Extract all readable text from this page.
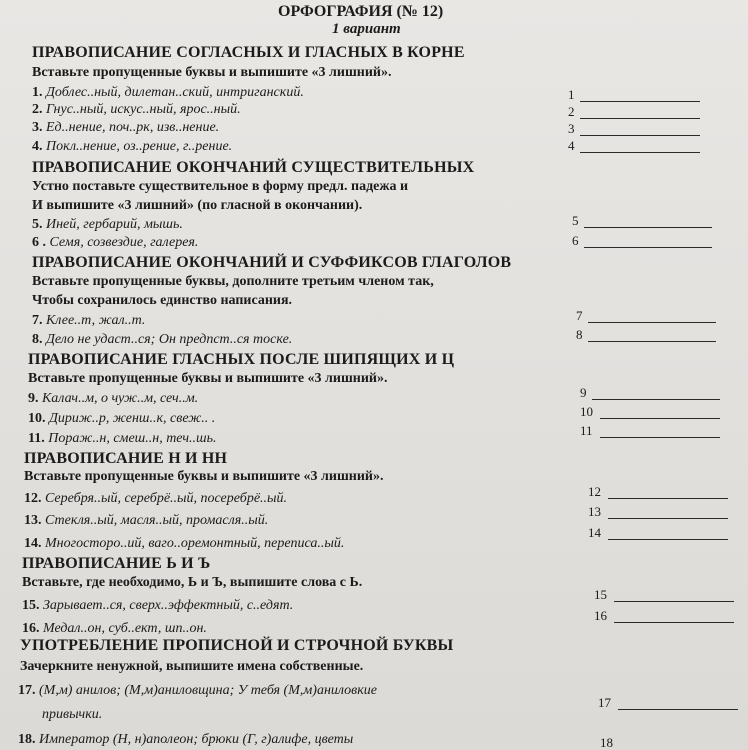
ОРФОГРАФИЯ (№ 12)
1 вариант
ПРАВОПИСАНИЕ СОГЛАСНЫХ И ГЛАСНЫХ В КОРНЕ
Вставьте пропущенные буквы и выпишите «3 лишний».
1. Доблес..ный, дилетан..ский, интриганский.
2. Гнус..ный, искус..ный, ярос..ный.
3. Ед..нение, поч..рк, изв..нение.
4. Покл..нение, оз..рение, г..рение.
ПРАВОПИСАНИЕ ОКОНЧАНИЙ СУЩЕСТВИТЕЛЬНЫХ
Устно поставьте существительное в форму предл. падежа и
И выпишите «3 лишний» (по гласной в окончании).
5. Иней, гербарий, мышь.
6 . Семя, созвездие, галерея.
ПРАВОПИСАНИЕ ОКОНЧАНИЙ И СУФФИКСОВ ГЛАГОЛОВ
Вставьте пропущенные буквы, дополните третьим членом так,
Чтобы сохранилось единство написания.
7. Клее..т, жал..т.
8. Дело не удаст..ся; Он предпст..ся тоске.
ПРАВОПИСАНИЕ ГЛАСНЫХ ПОСЛЕ ШИПЯЩИХ И Ц
Вставьте пропущенные буквы и выпишите «3 лишний».
9. Калач..м, о чуж..м, сеч..м.
10. Дириж..р, женш..к, свеж.. .
11. Пораж..н, смеш..н, теч..шь.
ПРАВОПИСАНИЕ Н И НН
Вставьте пропущенные буквы и выпишите «3 лишний».
12. Серебря..ый, серебрё..ый, посеребрё..ый.
13. Стекля..ый, масля..ый, промасля..ый.
14. Многосторо..ий, ваго..оремонтный, переписа..ый.
ПРАВОПИСАНИЕ Ь И Ъ
Вставьте, где необходимо, Ь и Ъ, выпишите слова с Ь.
15. Зарывает..ся, сверх..эффектный, с..едят.
16. Медал..он, суб..ект, шп..он.
УПОТРЕБЛЕНИЕ ПРОПИСНОЙ И СТРОЧНОЙ БУКВЫ
Зачеркните ненужной, выпишите имена собственные.
17. (М,м) анилов; (М,м)аниловщина; У тебя (М,м)аниловкие
привычки.
18. Император (Н, н)аполеон; брюки (Г, г)алифе, цветы
1
2
3
4
5
6
7
8
9
10
11
12
13
14
15
16
17
18
